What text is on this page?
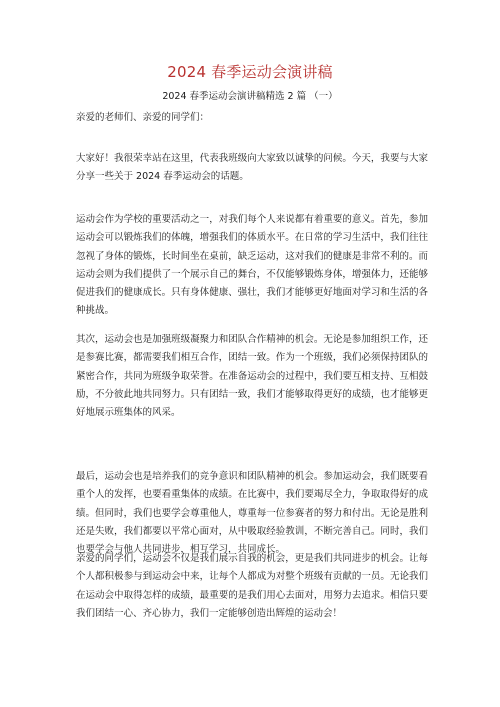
2024 春季运动会演讲稿
2024 春季运动会演讲稿精选 2 篇 （一）
亲爱的老师们、亲爱的同学们：

大家好！我很荣幸站在这里，代表我班级向大家致以诚挚的问候。今天，我要与大家分享一些关于 2024 春季运动会的话题。

运动会作为学校的重要活动之一，对我们每个人来说都有着重要的意义。首先，参加运动会可以锻炼我们的体魄，增强我们的体质水平。在日常的学习生活中，我们往往忽视了身体的锻炼，长时间坐在桌前，缺乏运动，这对我们的健康是非常不利的。而运动会则为我们提供了一个展示自己的舞台，不仅能够锻炼身体，增强体力，还能够促进我们的健康成长。只有身体健康、强壮，我们才能够更好地面对学习和生活的各种挑战。

其次，运动会也是加强班级凝聚力和团队合作精神的机会。无论是参加组织工作，还是参赛比赛，都需要我们相互合作，团结一致。作为一个班级，我们必须保持团队的紧密合作，共同为班级争取荣誉。在准备运动会的过程中，我们要互相支持、互相鼓励，不分彼此地共同努力。只有团结一致，我们才能够取得更好的成绩，也才能够更好地展示班集体的风采。

最后，运动会也是培养我们的竞争意识和团队精神的机会。参加运动会，我们既要看重个人的发挥，也要看重集体的成绩。在比赛中，我们要竭尽全力，争取取得好的成绩。但同时，我们也要学会尊重他人，尊重每一位参赛者的努力和付出。无论是胜利还是失败，我们都要以平常心面对，从中吸取经验教训，不断完善自己。同时，我们也要学会与他人共同进步，相互学习，共同成长。

亲爱的同学们，运动会不仅是我们展示自我的机会，更是我们共同进步的机会。让每个人都积极参与到运动会中来，让每个人都成为对整个班级有贡献的一员。无论我们在运动会中取得怎样的成绩，最重要的是我们用心去面对，用努力去追求。相信只要我们团结一心、齐心协力，我们一定能够创造出辉煌的运动会！
